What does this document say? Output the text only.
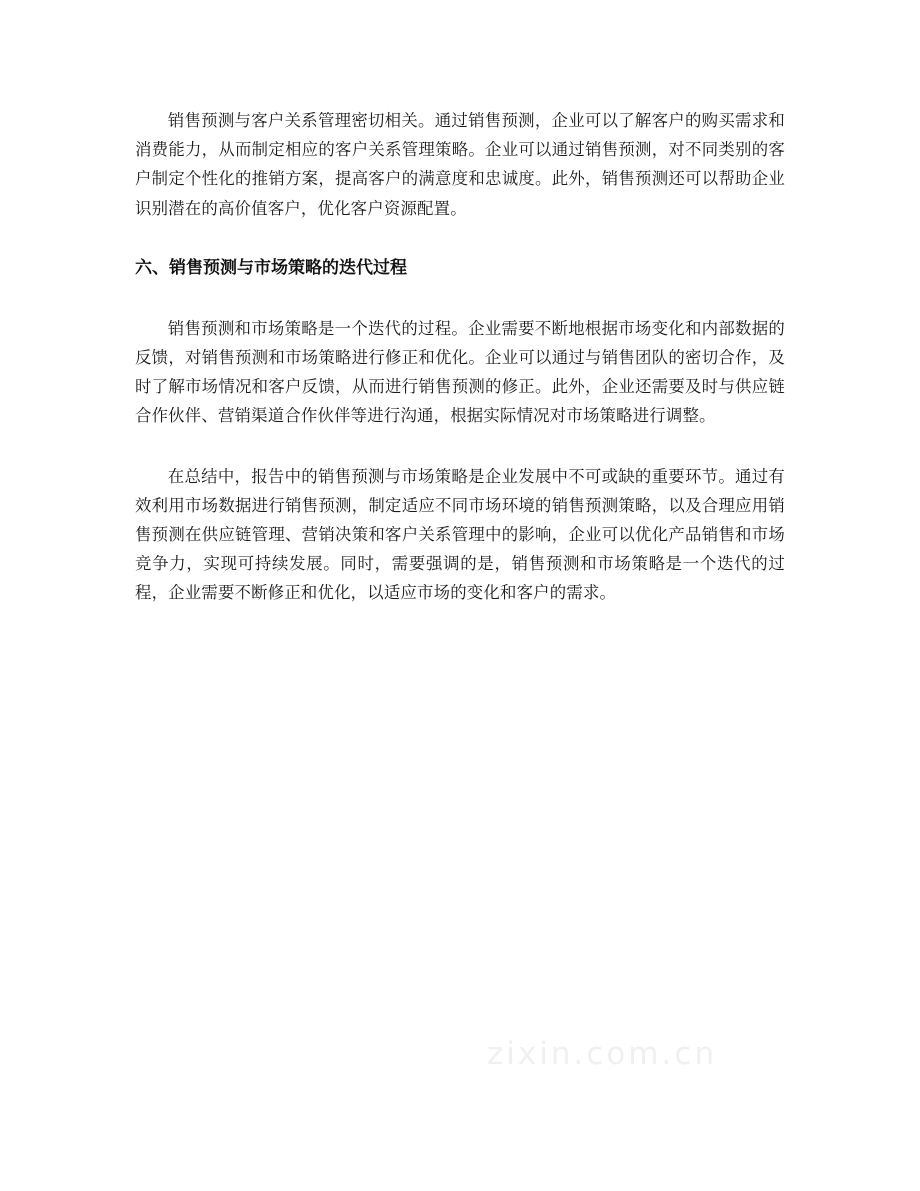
销售预测与客户关系管理密切相关。通过销售预测，企业可以了解客户的购买需求和消费能力，从而制定相应的客户关系管理策略。企业可以通过销售预测，对不同类别的客户制定个性化的推销方案，提高客户的满意度和忠诚度。此外，销售预测还可以帮助企业识别潜在的高价值客户，优化客户资源配置。

六、销售预测与市场策略的迭代过程

销售预测和市场策略是一个迭代的过程。企业需要不断地根据市场变化和内部数据的反馈，对销售预测和市场策略进行修正和优化。企业可以通过与销售团队的密切合作，及时了解市场情况和客户反馈，从而进行销售预测的修正。此外，企业还需要及时与供应链合作伙伴、营销渠道合作伙伴等进行沟通，根据实际情况对市场策略进行调整。

在总结中，报告中的销售预测与市场策略是企业发展中不可或缺的重要环节。通过有效利用市场数据进行销售预测，制定适应不同市场环境的销售预测策略，以及合理应用销售预测在供应链管理、营销决策和客户关系管理中的影响，企业可以优化产品销售和市场竞争力，实现可持续发展。同时，需要强调的是，销售预测和市场策略是一个迭代的过程，企业需要不断修正和优化，以适应市场的变化和客户的需求。

zixin.com.cn
